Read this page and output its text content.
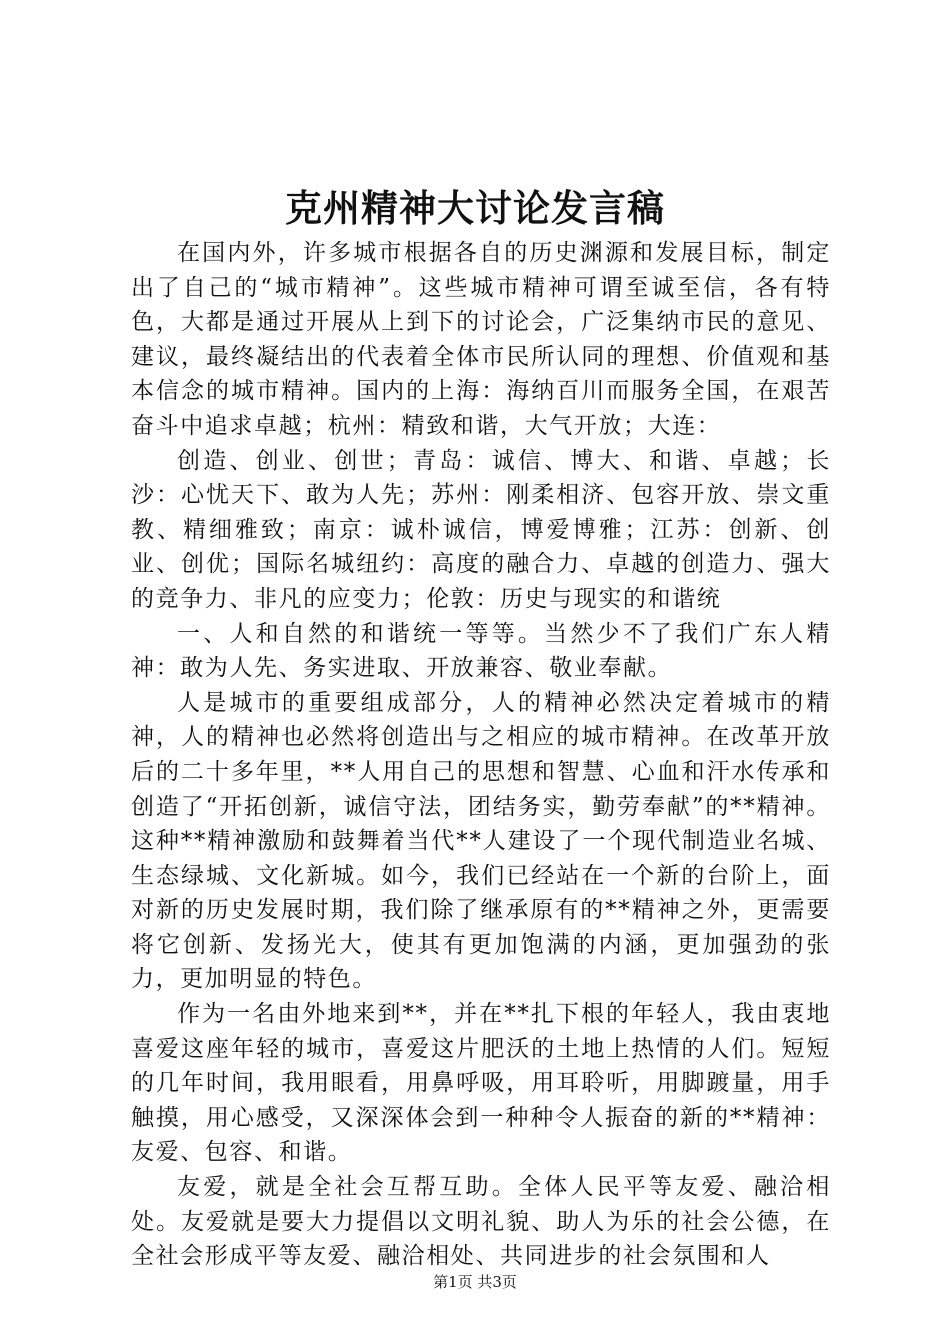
克州精神大讨论发言稿

在国内外，许多城市根据各自的历史渊源和发展目标，制定出了自己的“城市精神”。这些城市精神可谓至诚至信，各有特色，大都是通过开展从上到下的讨论会，广泛集纳市民的意见、建议，最终凝结出的代表着全体市民所认同的理想、价值观和基本信念的城市精神。国内的上海：海纳百川而服务全国，在艰苦奋斗中追求卓越；杭州：精致和谐，大气开放；大连：

创造、创业、创世；青岛：诚信、博大、和谐、卓越；长沙：心忧天下、敢为人先；苏州：刚柔相济、包容开放、崇文重教、精细雅致；南京：诚朴诚信，博爱博雅；江苏：创新、创业、创优；国际名城纽约：高度的融合力、卓越的创造力、强大的竞争力、非凡的应变力；伦敦：历史与现实的和谐统

一、人和自然的和谐统一等等。当然少不了我们广东人精神：敢为人先、务实进取、开放兼容、敬业奉献。

人是城市的重要组成部分，人的精神必然决定着城市的精神，人的精神也必然将创造出与之相应的城市精神。在改革开放后的二十多年里，**人用自己的思想和智慧、心血和汗水传承和创造了“开拓创新，诚信守法，团结务实，勤劳奉献”的**精神。这种**精神激励和鼓舞着当代**人建设了一个现代制造业名城、生态绿城、文化新城。如今，我们已经站在一个新的台阶上，面对新的历史发展时期，我们除了继承原有的**精神之外，更需要将它创新、发扬光大，使其有更加饱满的内涵，更加强劲的张力，更加明显的特色。

作为一名由外地来到**，并在**扎下根的年轻人，我由衷地喜爱这座年轻的城市，喜爱这片肥沃的土地上热情的人们。短短的几年时间，我用眼看，用鼻呼吸，用耳聆听，用脚踱量，用手触摸，用心感受，又深深体会到一种种令人振奋的新的**精神：友爱、包容、和谐。

友爱，就是全社会互帮互助。全体人民平等友爱、融洽相处。友爱就是要大力提倡以文明礼貌、助人为乐的社会公德，在全社会形成平等友爱、融洽相处、共同进步的社会氛围和人

第1页 共3页
